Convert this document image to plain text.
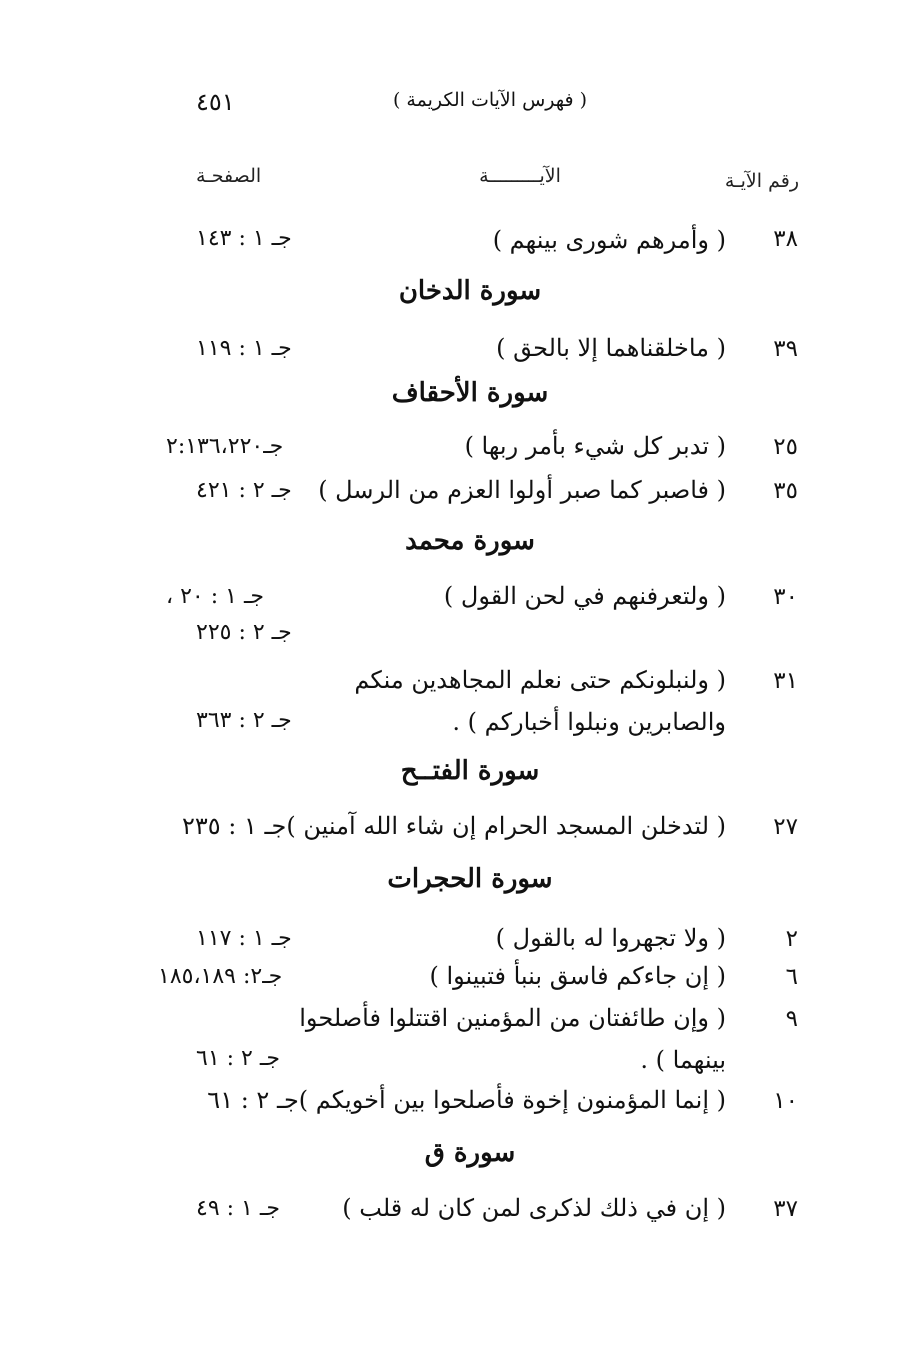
٤٥١	( فهرس الآيات الكريمة )
رقم الآيـة
الآيـــــــــة
الصفحـة
٣٨
( وأمرهم شورى بينهم )
جـ ١ : ١٤٣
سورة الدخان
٣٩
( ماخلقناهما إلا بالحق )
جـ ١ : ١١٩
سورة الأحقاف
٢٥
( تدبر كل شيء بأمر ربها )
جـ٢:١٣٦،٢٢٠
٣٥
( فاصبر كما صبر أولوا العزم من الرسل )
جـ ٢ : ٤٢١
سورة محمد
٣٠
( ولتعرفنهم في لحن القول )
جـ ١ : ٢٠ ،
جـ ٢ : ٢٢٥
٣١
( ولنبلونكم حتى نعلم المجاهدين منكم
والصابرين ونبلوا أخباركم ) .
جـ ٢ : ٣٦٣
سورة الفتــح
٢٧
( لتدخلن المسجد الحرام إن شاء الله آمنين )جـ ١ : ٢٣٥
سورة الحجرات
٢
( ولا تجهروا له بالقول )
جـ ١ : ١١٧
٦
( إن جاءكم فاسق بنبأ فتبينوا )
جـ٢: ١٨٥،١٨٩
٩
( وإن طائفتان من المؤمنين اقتتلوا فأصلحوا
بينهما ) .
جـ ٢ : ٦١
١٠
( إنما المؤمنون إخوة فأصلحوا بين أخويكم )جـ ٢ : ٦١
سورة ق
٣٧
( إن في ذلك لذكرى لمن كان له قلب )
جـ ١ : ٤٩
